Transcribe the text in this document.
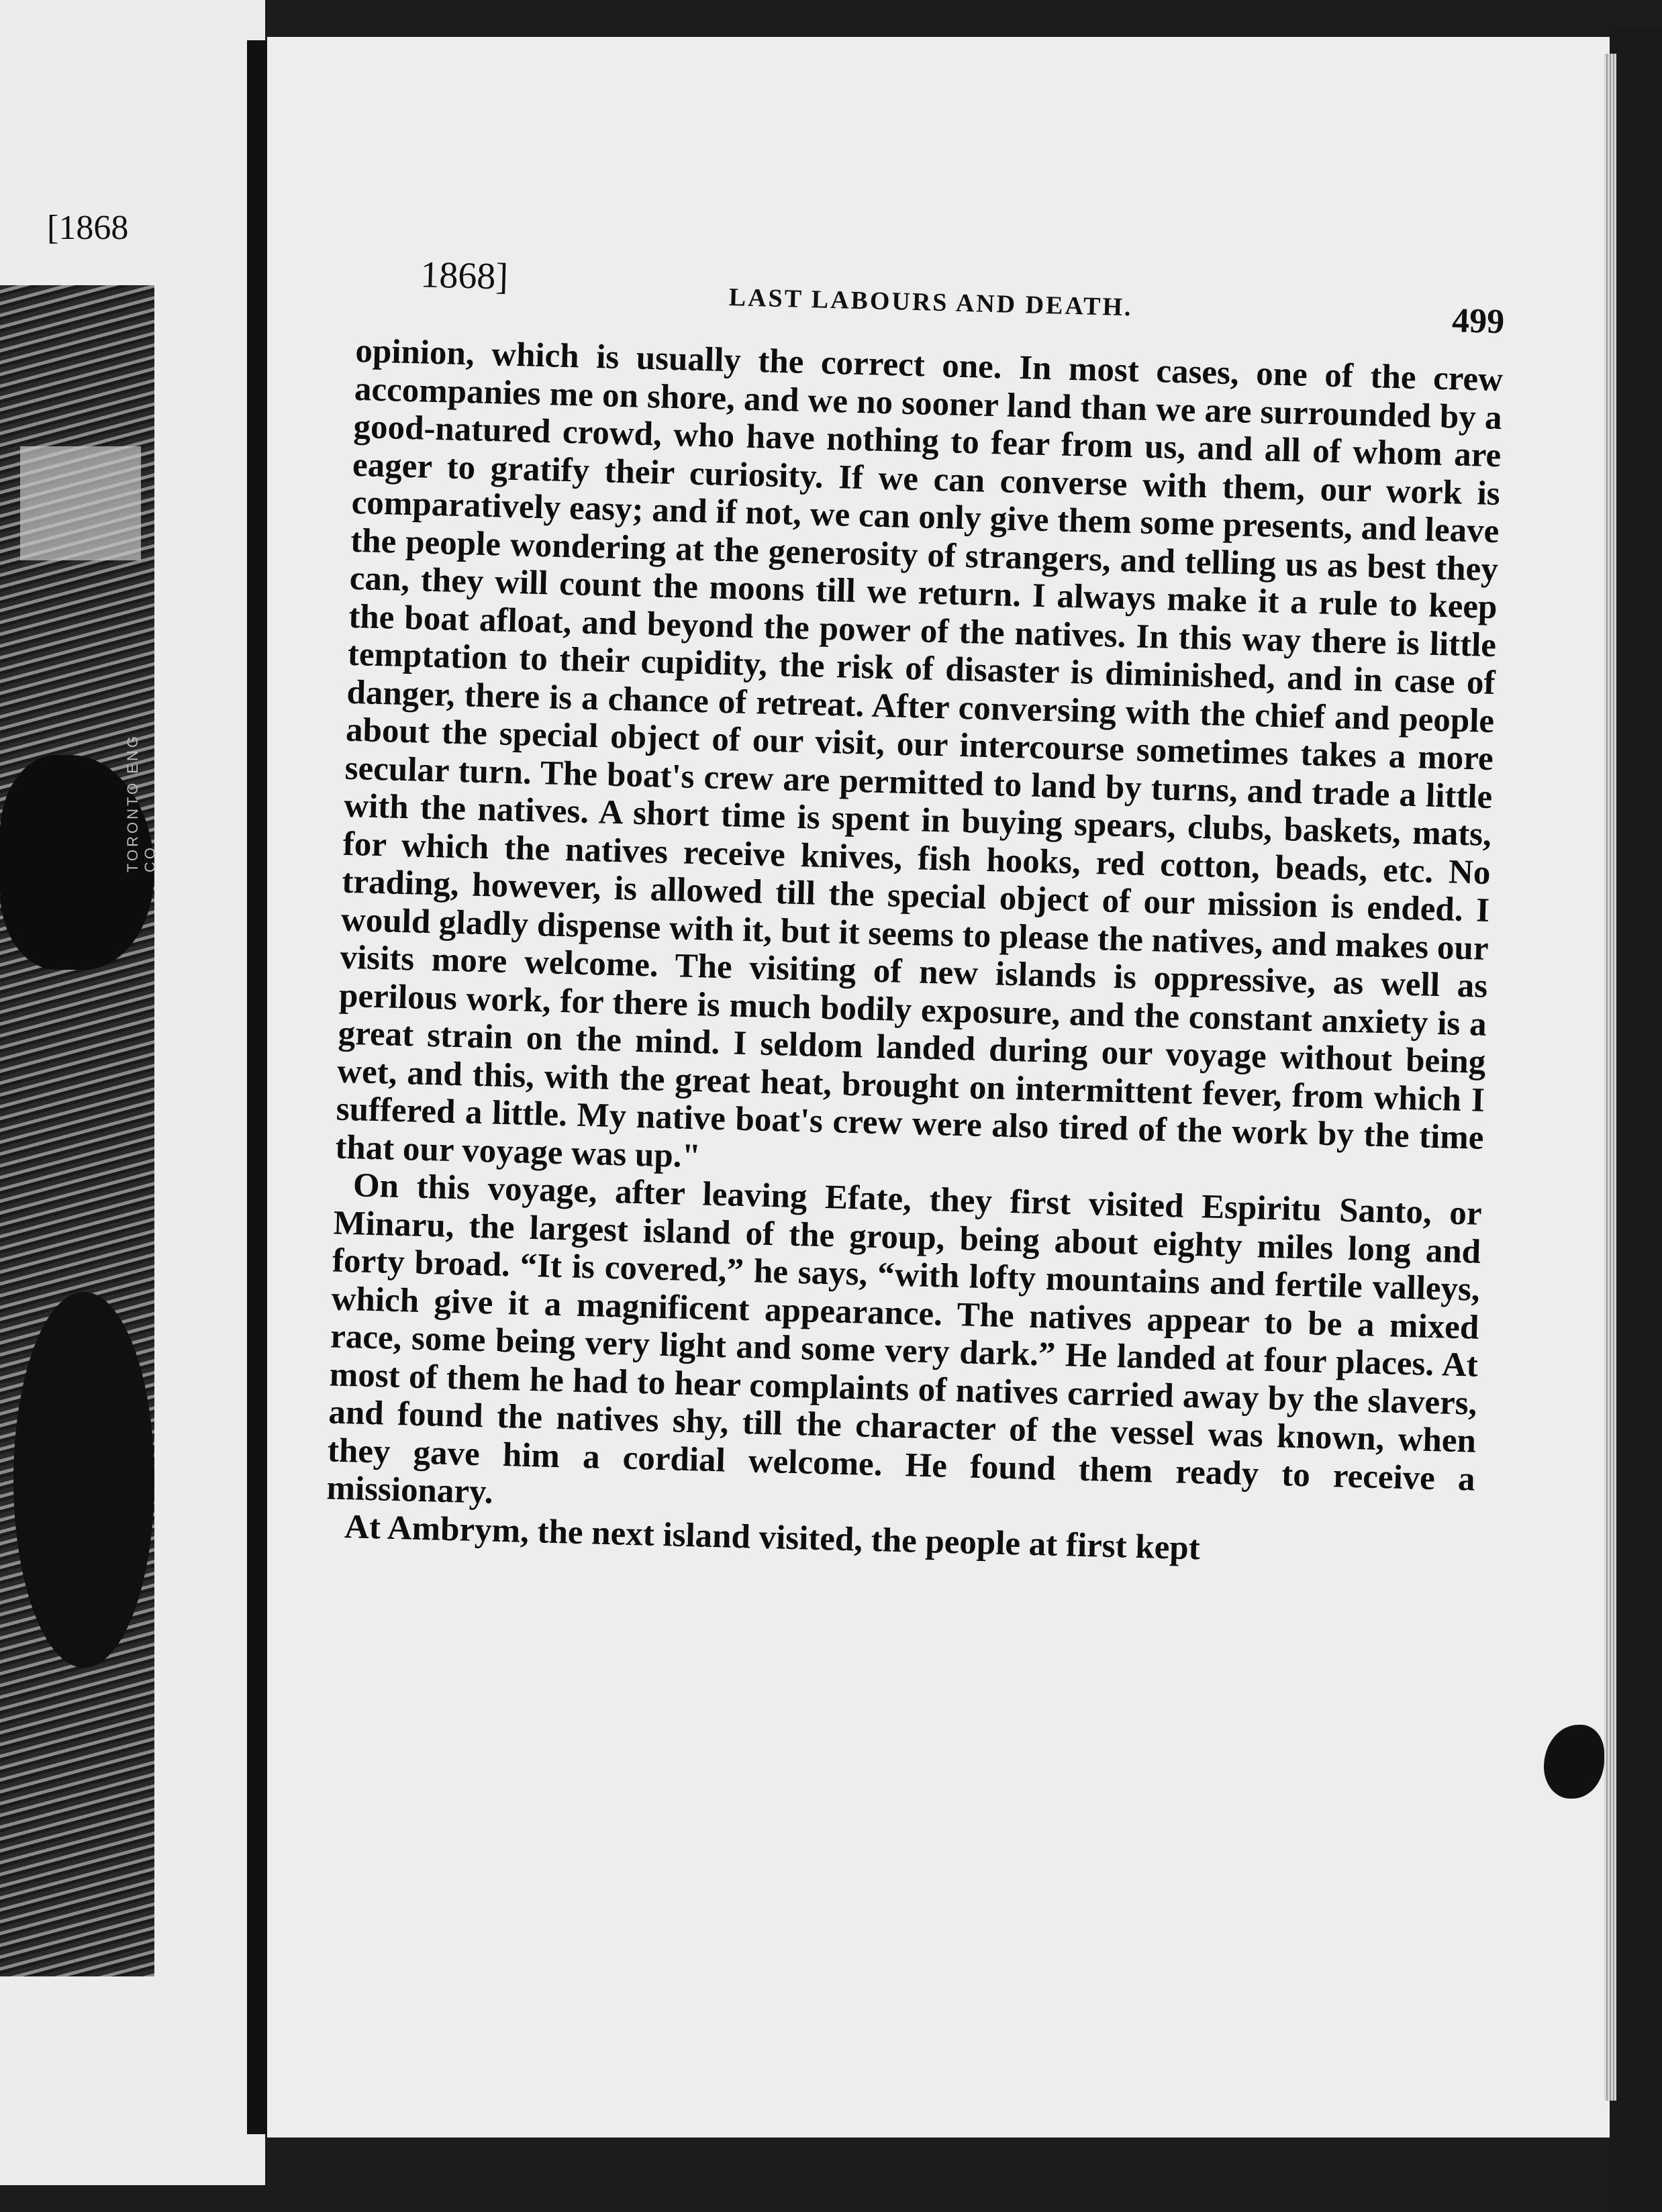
[1868
TORONTO ENG CO
1868]
LAST LABOURS AND DEATH.	499

opinion, which is usually the correct one. In most cases, one of the crew accompanies me on shore, and we no sooner land than we are surrounded by a good-natured crowd, who have nothing to fear from us, and all of whom are eager to gratify their curiosity. If we can converse with them, our work is comparatively easy; and if not, we can only give them some presents, and leave the people wondering at the generosity of strangers, and telling us as best they can, they will count the moons till we return. I always make it a rule to keep the boat afloat, and beyond the power of the natives. In this way there is little temptation to their cupidity, the risk of disaster is diminished, and in case of danger, there is a chance of retreat. After conversing with the chief and people about the special object of our visit, our intercourse sometimes takes a more secular turn. The boat's crew are permitted to land by turns, and trade a little with the natives. A short time is spent in buying spears, clubs, baskets, mats, for which the natives receive knives, fish hooks, red cotton, beads, etc. No trading, however, is allowed till the special object of our mission is ended. I would gladly dispense with it, but it seems to please the natives, and makes our visits more welcome. The visiting of new islands is oppressive, as well as perilous work, for there is much bodily exposure, and the constant anxiety is a great strain on the mind. I seldom landed during our voyage without being wet, and this, with the great heat, brought on intermittent fever, from which I suffered a little. My native boat's crew were also tired of the work by the time that our voyage was up."

On this voyage, after leaving Efate, they first visited Espiritu Santo, or Minaru, the largest island of the group, being about eighty miles long and forty broad. “It is covered,” he says, “with lofty mountains and fertile valleys, which give it a magnificent appearance. The natives appear to be a mixed race, some being very light and some very dark.” He landed at four places. At most of them he had to hear complaints of natives carried away by the slavers, and found the natives shy, till the character of the vessel was known, when they gave him a cordial welcome. He found them ready to receive a missionary.

At Ambrym, the next island visited, the people at first kept
